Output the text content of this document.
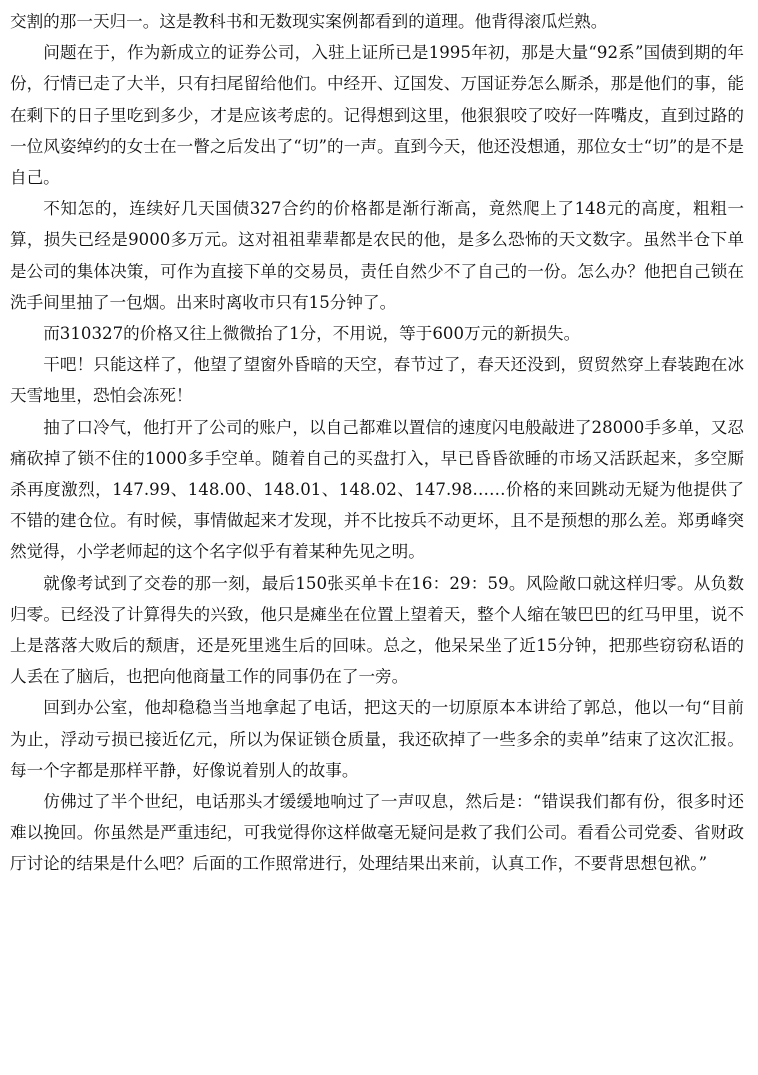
交割的那一天归一。这是教科书和无数现实案例都看到的道理。他背得滚瓜烂熟。

问题在于，作为新成立的证券公司，入驻上证所已是1995年初，那是大量“92系”国债到期的年份，行情已走了大半，只有扫尾留给他们。中经开、辽国发、万国证券怎么厮杀，那是他们的事，能在剩下的日子里吃到多少，才是应该考虑的。记得想到这里，他狠狠咬了咬好一阵嘴皮，直到过路的一位风姿绰约的女士在一瞥之后发出了“切”的一声。直到今天，他还没想通，那位女士“切”的是不是自己。

不知怎的，连续好几天国债327合约的价格都是渐行渐高，竟然爬上了148元的高度，粗粗一算，损失已经是9000多万元。这对祖祖辈辈都是农民的他，是多么恐怖的天文数字。虽然半仓下单是公司的集体决策，可作为直接下单的交易员，责任自然少不了自己的一份。怎么办？他把自己锁在洗手间里抽了一包烟。出来时离收市只有15分钟了。

而310327的价格又往上微微抬了1分，不用说，等于600万元的新损失。

干吧！只能这样了，他望了望窗外昏暗的天空，春节过了，春天还没到，贸贸然穿上春装跑在冰天雪地里，恐怕会冻死！

抽了口冷气，他打开了公司的账户，以自己都难以置信的速度闪电般敲进了28000手多单，又忍痛砍掉了锁不住的1000多手空单。随着自己的买盘打入，早已昏昏欲睡的市场又活跃起来，多空厮杀再度激烈，147.99、148.00、148.01、148.02、147.98……价格的来回跳动无疑为他提供了不错的建仓位。有时候，事情做起来才发现，并不比按兵不动更坏，且不是预想的那么差。郑勇峰突然觉得，小学老师起的这个名字似乎有着某种先见之明。

就像考试到了交卷的那一刻，最后150张买单卡在16：29：59。风险敞口就这样归零。从负数归零。已经没了计算得失的兴致，他只是瘫坐在位置上望着天，整个人缩在皱巴巴的红马甲里，说不上是落落大败后的颓唐，还是死里逃生后的回味。总之，他呆呆坐了近15分钟，把那些窃窃私语的人丢在了脑后，也把向他商量工作的同事仍在了一旁。

回到办公室，他却稳稳当当地拿起了电话，把这天的一切原原本本讲给了郭总，他以一句“目前为止，浮动亏损已接近亿元，所以为保证锁仓质量，我还砍掉了一些多余的卖单”结束了这次汇报。每一个字都是那样平静，好像说着别人的故事。

仿佛过了半个世纪，电话那头才缓缓地响过了一声叹息，然后是：“错误我们都有份，很多时还难以挽回。你虽然是严重违纪，可我觉得你这样做毫无疑问是救了我们公司。看看公司党委、省财政厅讨论的结果是什么吧？后面的工作照常进行，处理结果出来前，认真工作，不要背思想包袱。”
